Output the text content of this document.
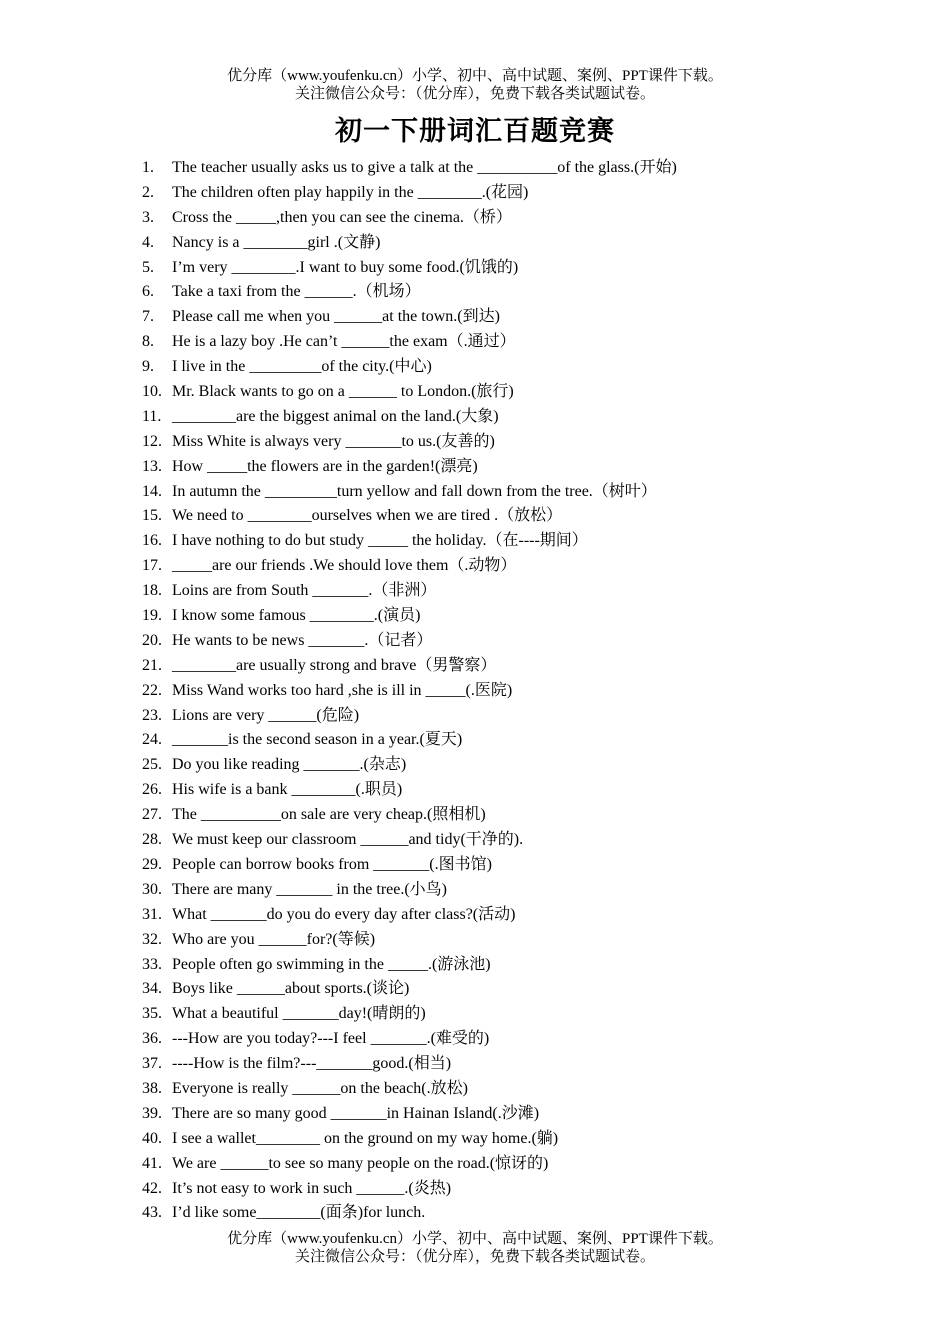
优分库（www.youfenku.cn）小学、初中、高中试题、案例、PPT课件下载。
关注微信公众号：（优分库），免费下载各类试题试卷。
初一下册词汇百题竞赛
1.	The teacher usually asks us to give a talk at the __________of the glass.(开始)
2.	The children often play happily in the ________.(花园)
3.	Cross the _____,then you can see the cinema.（桥）
4.	Nancy is a ________girl .(文静)
5.	I’m very ________.I want to buy some food.(饥饿的)
6.	Take a taxi from the ______.（机场）
7.	Please call me when you ______at the town.(到达)
8.	He is a lazy boy .He can’t ______the exam（.通过）
9.	I live in the _________of the city.(中心)
10. Mr. Black wants to go on a ______ to London.(旅行)
11. ________are the biggest animal on the land.(大象)
12. Miss White is always very _______to us.(友善的)
13. How _____the flowers are in the garden!(漂亮)
14. In autumn the _________turn yellow and fall down from the tree.（树叶）
15. We need to ________ourselves when we are tired .（放松）
16. I have nothing to do but study _____ the holiday.（在----期间）
17. _____are our friends .We should love them（.动物）
18. Loins are from South _______.（非洲）
19. I know some famous ________.(演员)
20. He wants to be news _______.（记者）
21. ________are usually strong and brave（男警察）
22. Miss Wand works too hard ,she is ill in _____(.医院)
23. Lions are very ______(危险)
24. _______is the second season in a year.(夏天)
25. Do you like reading _______.(杂志)
26. His wife is a bank ________(.职员)
27. The __________on sale are very cheap.(照相机)
28. We must keep our classroom ______and tidy(干净的).
29. People can borrow books from _______(.图书馆)
30. There are many _______ in the tree.(小鸟)
31. What _______do you do every day after class?(活动)
32. Who are you ______for?(等候)
33. People often go swimming in the _____.(游泳池)
34. Boys like ______about sports.(谈论)
35. What a beautiful _______day!(晴朗的)
36. ---How are you today?---I feel _______.(难受的)
37. ----How is the film?---_______good.(相当)
38. Everyone is really ______on the beach(.放松)
39. There are so many good _______in Hainan Island(.沙滩)
40. I see a wallet________ on the ground on my way home.(躺)
41. We are ______to see so many people on the road.(惊讶的)
42. It’s not easy to work in such ______.(炎热)
43. I’d like some________(面条)for lunch.
优分库（www.youfenku.cn）小学、初中、高中试题、案例、PPT课件下载。
关注微信公众号：（优分库），免费下载各类试题试卷。
